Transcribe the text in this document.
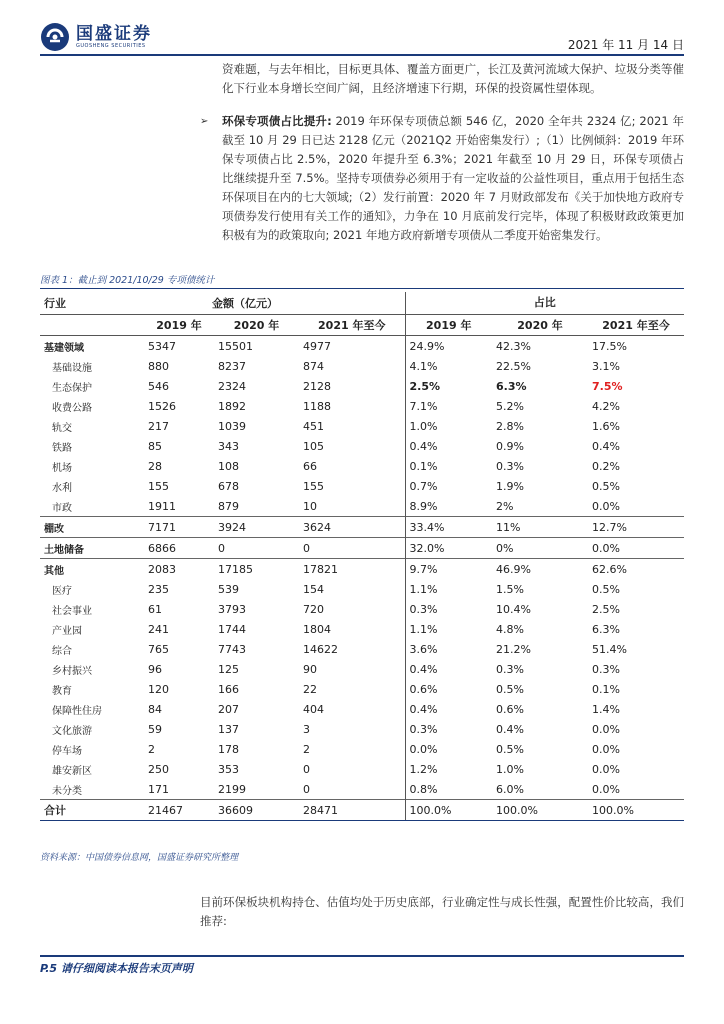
国盛证券
GUOSHENG SECURITIES	2021 年 11 月 14 日
资难题，与去年相比，目标更具体、覆盖方面更广，长江及黄河流域大保护、垃圾分类等催化下行业本身增长空间广阔，且经济增速下行期，环保的投资属性望体现。
➢ 环保专项债占比提升: 2019 年环保专项债总额 546 亿，2020 全年共 2324 亿; 2021 年截至 10 月 29 日已达 2128 亿元（2021Q2 开始密集发行）;（1）比例倾斜：2019 年环保专项债占比 2.5%，2020 年提升至 6.3%；2021 年截至 10 月 29 日，环保专项债占比继续提升至 7.5%。坚持专项债券必须用于有一定收益的公益性项目，重点用于包括生态环保项目在内的七大领域;（2）发行前置：2020 年 7 月财政部发布《关于加快地方政府专项债券发行使用有关工作的通知》，力争在 10 月底前发行完毕，体现了积极财政政策更加积极有为的政策取向; 2021 年地方政府新增专项债从二季度开始密集发行。
图表 1：截止到 2021/10/29 专项债统计
行业	金额（亿元）			占比		
	2019 年	2020 年	2021 年至今	2019 年	2020 年	2021 年至今
基建领域	5347	15501	4977	24.9%	42.3%	17.5%
基础设施	880	8237	874	4.1%	22.5%	3.1%
生态保护	546	2324	2128	2.5%	6.3%	7.5%
收费公路	1526	1892	1188	7.1%	5.2%	4.2%
轨交	217	1039	451	1.0%	2.8%	1.6%
铁路	85	343	105	0.4%	0.9%	0.4%
机场	28	108	66	0.1%	0.3%	0.2%
水利	155	678	155	0.7%	1.9%	0.5%
市政	1911	879	10	8.9%	2%	0.0%
棚改	7171	3924	3624	33.4%	11%	12.7%
土地储备	6866	0	0	32.0%	0%	0.0%
其他	2083	17185	17821	9.7%	46.9%	62.6%
医疗	235	539	154	1.1%	1.5%	0.5%
社会事业	61	3793	720	0.3%	10.4%	2.5%
产业园	241	1744	1804	1.1%	4.8%	6.3%
综合	765	7743	14622	3.6%	21.2%	51.4%
乡村振兴	96	125	90	0.4%	0.3%	0.3%
教育	120	166	22	0.6%	0.5%	0.1%
保障性住房	84	207	404	0.4%	0.6%	1.4%
文化旅游	59	137	3	0.3%	0.4%	0.0%
停车场	2	178	2	0.0%	0.5%	0.0%
雄安新区	250	353	0	1.2%	1.0%	0.0%
未分类	171	2199	0	0.8%	6.0%	0.0%
合计	21467	36609	28471	100.0%	100.0%	100.0%
资料来源：中国债券信息网，国盛证券研究所整理
目前环保板块机构持仓、估值均处于历史底部，行业确定性与成长性强，配置性价比较高，我们推荐:
P.5 请仔细阅读本报告末页声明
